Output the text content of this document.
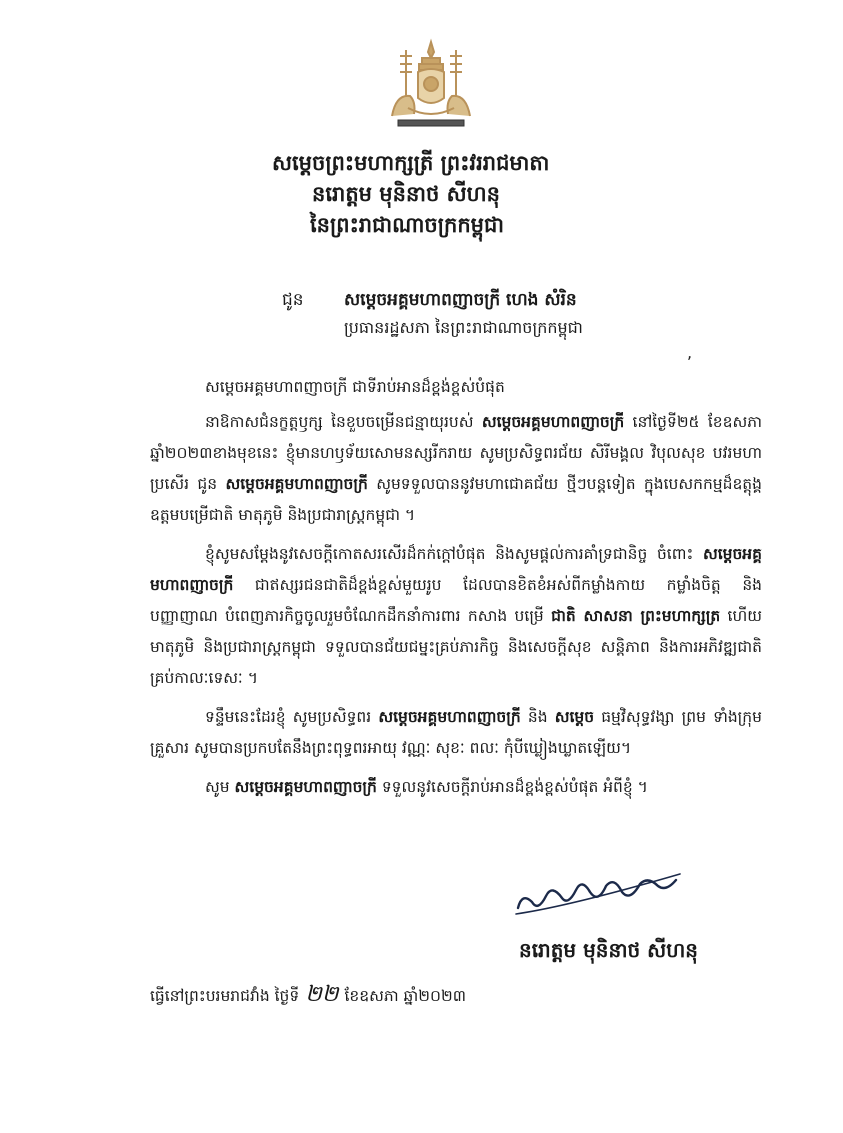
សម្តេចព្រះមហាក្សត្រី ព្រះវររាជមាតា
នរោត្តម មុនិនាថ សីហនុ
នៃព្រះរាជាណាចក្រកម្ពុជា
ជូន សម្តេចអគ្គមហាពញាចក្រី ហេង សំរិន
ប្រធានរដ្ឋសភា នៃព្រះរាជាណាចក្រកម្ពុជា
,

សម្តេចអគ្គមហាពញាចក្រី ជាទីរាប់អានដ៏ខ្ពង់ខ្ពស់បំផុត

នាឱកាសជំនក្ខត្តឫក្ស នៃខួបចម្រើនជន្មាយុរបស់ សម្តេចអគ្គមហាពញាចក្រី នៅថ្ងៃទី២៥ ខែឧសភា ឆ្នាំ២០២៣ខាងមុខនេះ ខ្ញុំមានហឫទ័យសោមនស្សរីករាយ សូមប្រសិទ្ធពរជ័យ សិរីមង្គល វិបុលសុខ បវរមហាប្រសើរ ជូន សម្តេចអគ្គមហាពញាចក្រី សូមទទួលបាននូវមហាជោគជ័យ ថ្មីៗបន្តទៀត ក្នុងបេសកកម្មដ៏ឧត្តុង្គឧត្តមបម្រើជាតិ មាតុភូមិ និងប្រជារាស្ត្រកម្ពុជា ។

ខ្ញុំសូមសម្តែងនូវសេចក្តីកោតសរសើរដ៏កក់ក្តៅបំផុត និងសូមផ្តល់ការគាំទ្រជានិច្ច ចំពោះ សម្តេចអគ្គមហាពញាចក្រី ជាឥស្សរជនជាតិដ៏ខ្ពង់ខ្ពស់មួយរូប ដែលបានខិតខំអស់ពីកម្លាំងកាយ កម្លាំងចិត្ត និងបញ្ញាញាណ បំពេញភារកិច្ចចូលរួមចំណែកដឹកនាំការពារ កសាង បម្រើ ជាតិ សាសនា ព្រះមហាក្សត្រ ហើយមាតុភូមិ និងប្រជារាស្ត្រកម្ពុជា ទទួលបានជ័យជម្នះគ្រប់ភារកិច្ច និងសេចក្តីសុខ សន្តិភាព និងការអភិវឌ្ឍជាតិគ្រប់កាលៈទេសៈ ។

ទន្ទឹមនេះដែរខ្ញុំ សូមប្រសិទ្ធពរ សម្តេចអគ្គមហាពញាចក្រី និង សម្តេច ធម្មវិសុទ្ធវង្សា ព្រម ទាំងក្រុមគ្រួសារ សូមបានប្រកបតែនឹងព្រះពុទ្ធពរអាយុ វណ្ណៈ សុខៈ ពលៈ កុំបីឃ្លៀងឃ្លាតឡើយ។

សូម សម្តេចអគ្គមហាពញាចក្រី ទទួលនូវសេចក្តីរាប់អានដ៏ខ្ពង់ខ្ពស់បំផុត អំពីខ្ញុំ ។

នរោត្តម មុនិនាថ សីហនុ
ធ្វើនៅព្រះបរមរាជវាំង ថ្ងៃទី ២២ ខែឧសភា ឆ្នាំ២០២៣
